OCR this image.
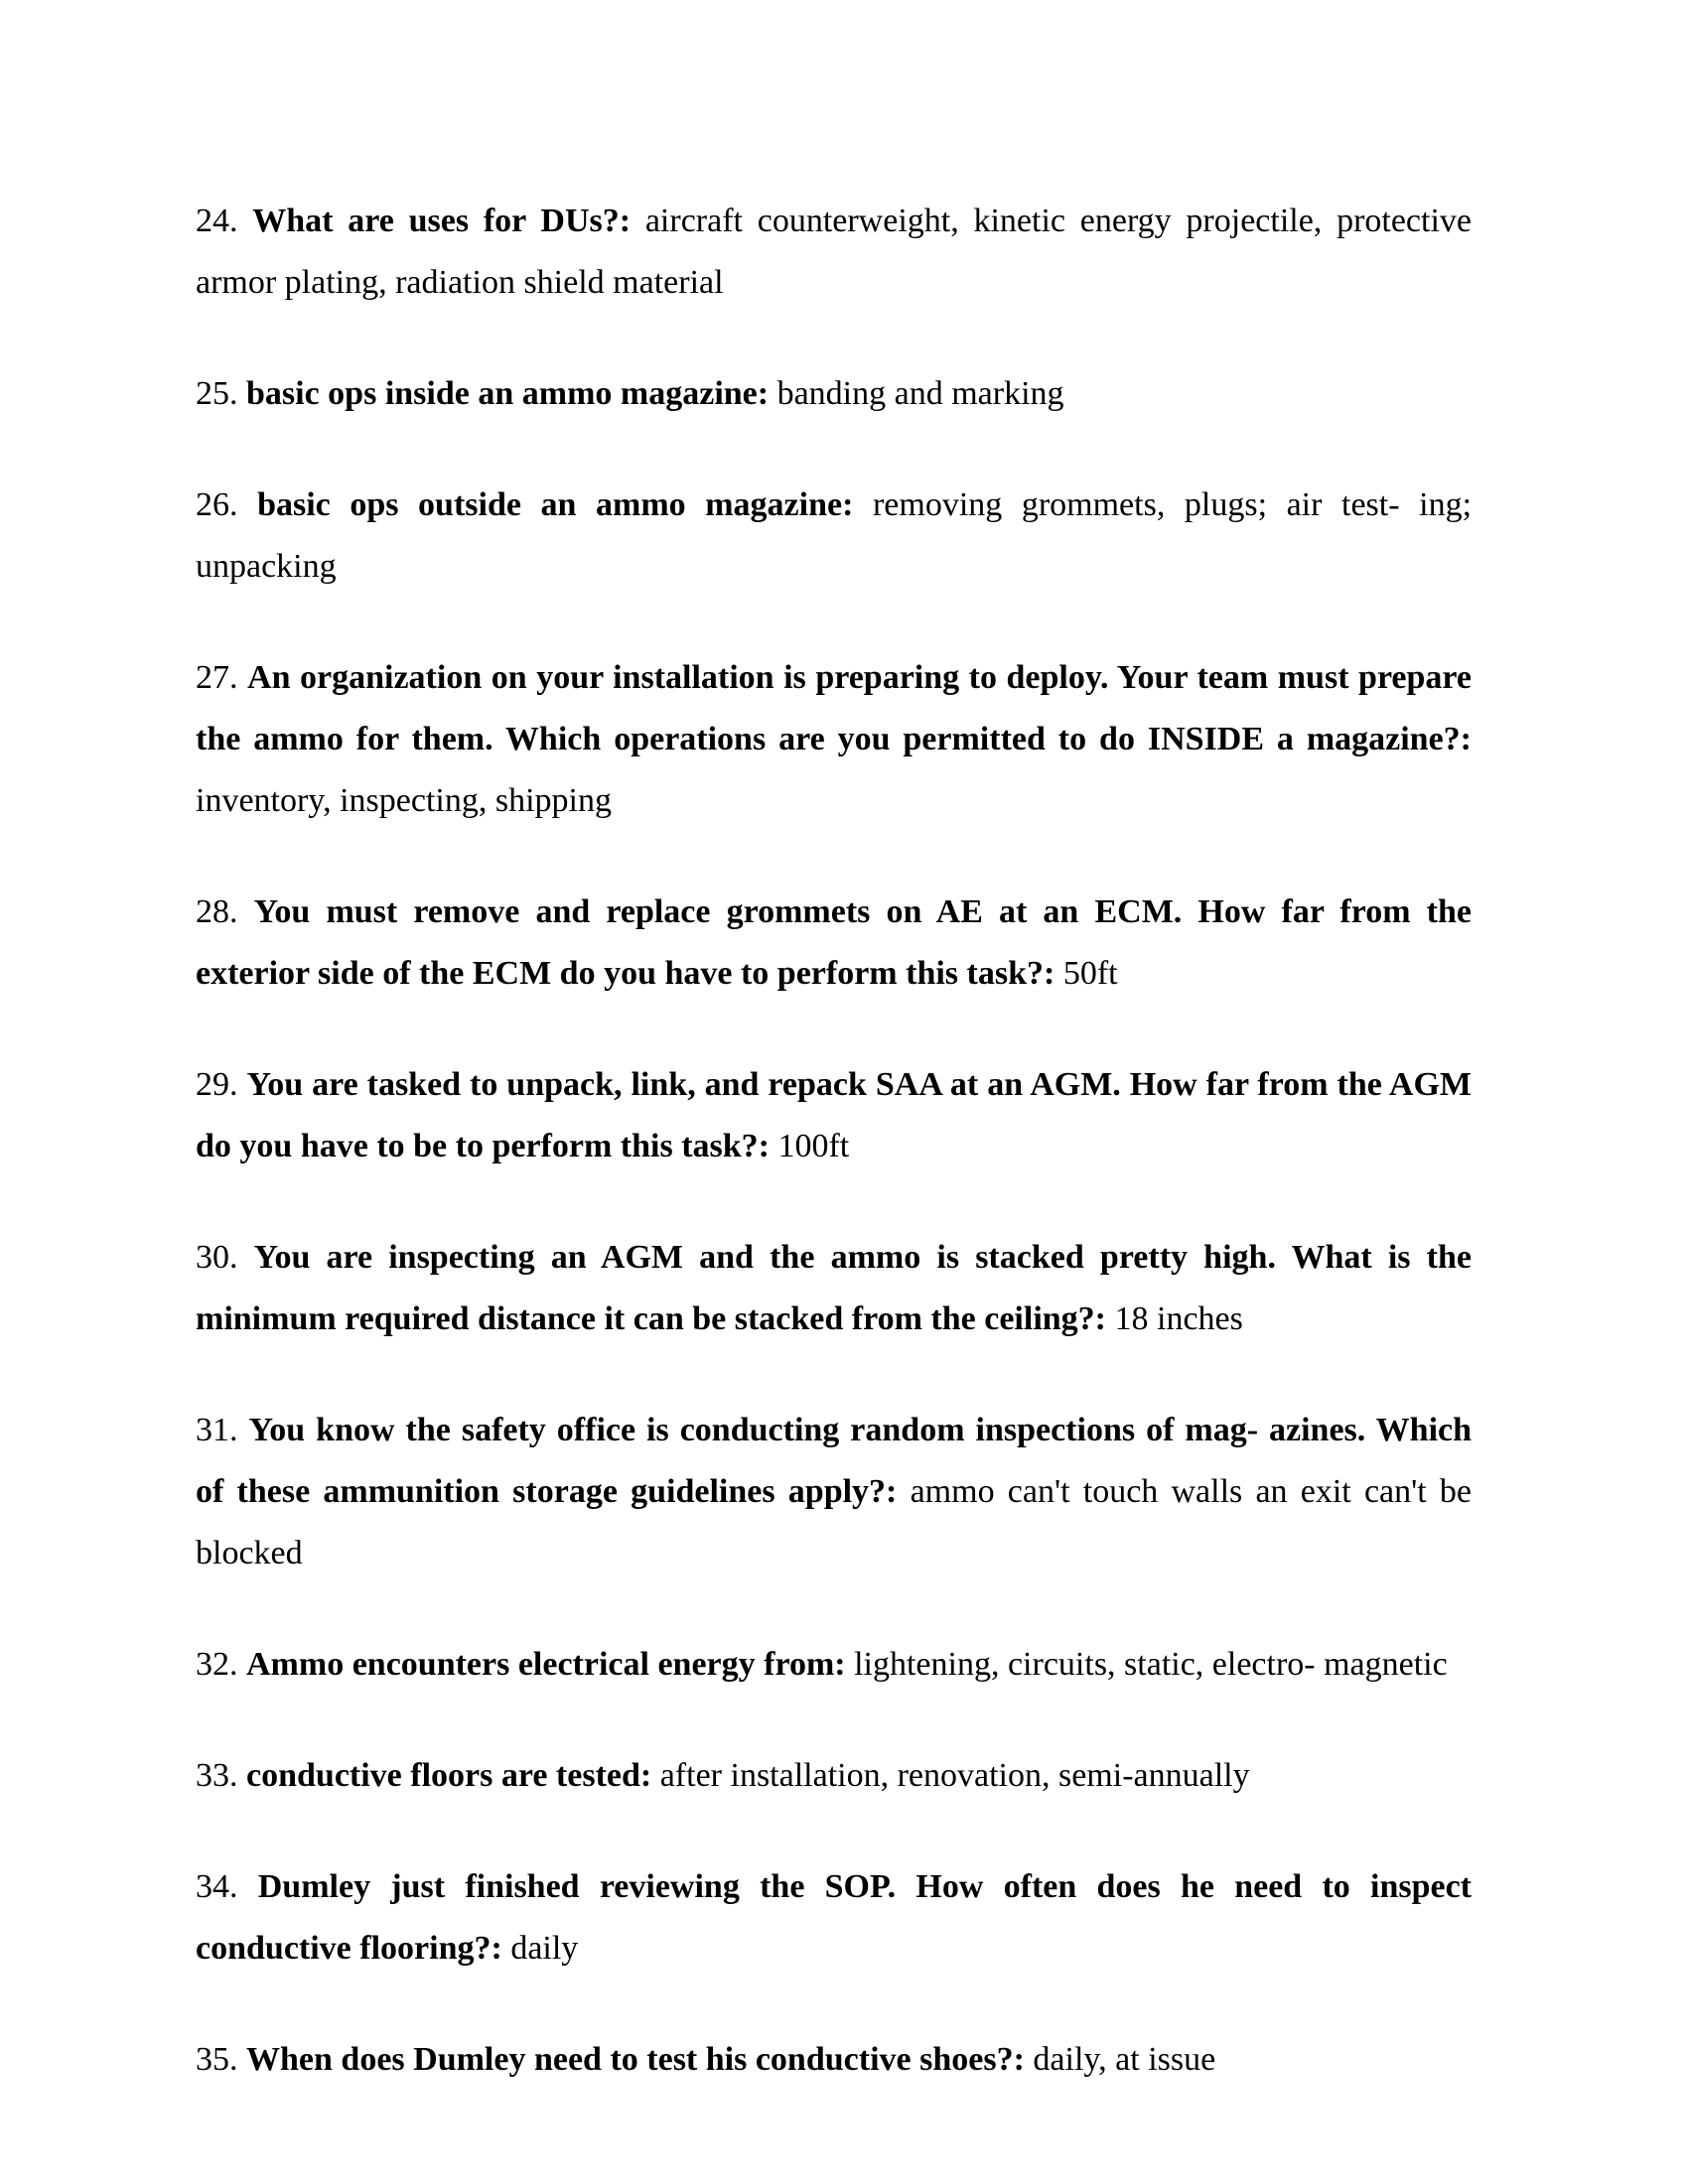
24. What are uses for DUs?: aircraft counterweight, kinetic energy projectile, protective armor plating, radiation shield material

25. basic ops inside an ammo magazine: banding and marking

26. basic ops outside an ammo magazine: removing grommets, plugs; air test- ing; unpacking

27. An organization on your installation is preparing to deploy. Your team must prepare the ammo for them. Which operations are you permitted to do INSIDE a magazine?: inventory, inspecting, shipping

28. You must remove and replace grommets on AE at an ECM. How far from the exterior side of the ECM do you have to perform this task?: 50ft

29. You are tasked to unpack, link, and repack SAA at an AGM. How far from the AGM do you have to be to perform this task?: 100ft

30. You are inspecting an AGM and the ammo is stacked pretty high. What is the minimum required distance it can be stacked from the ceiling?: 18 inches

31. You know the safety office is conducting random inspections of mag- azines. Which of these ammunition storage guidelines apply?: ammo can't touch walls an exit can't be blocked

32. Ammo encounters electrical energy from: lightening, circuits, static, electro- magnetic

33. conductive floors are tested: after installation, renovation, semi-annually

34. Dumley just finished reviewing the SOP. How often does he need to inspect conductive flooring?: daily

35. When does Dumley need to test his conductive shoes?: daily, at issue
